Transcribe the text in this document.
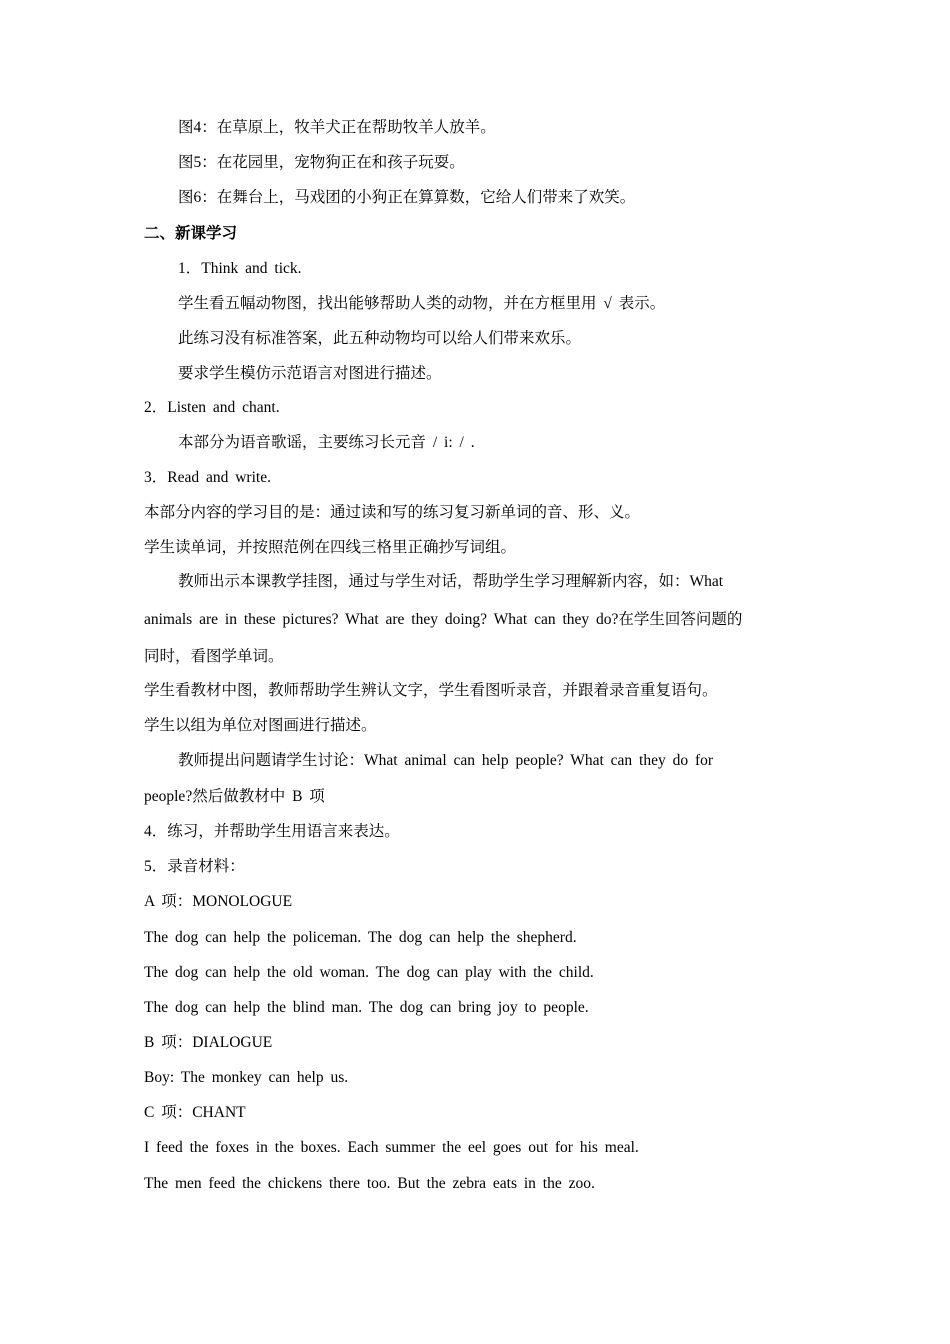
图4：在草原上，牧羊犬正在帮助牧羊人放羊。
图5：在花园里，宠物狗正在和孩子玩耍。
图6：在舞台上，马戏团的小狗正在算算数，它给人们带来了欢笑。
二、新课学习
1．Think and tick.
学生看五幅动物图，找出能够帮助人类的动物，并在方框里用 √ 表示。
此练习没有标准答案，此五种动物均可以给人们带来欢乐。
要求学生模仿示范语言对图进行描述。
2．Listen and chant.
本部分为语音歌谣，主要练习长元音 / i: / .
3．Read and write.
本部分内容的学习目的是：通过读和写的练习复习新单词的音、形、义。
学生读单词，并按照范例在四线三格里正确抄写词组。
教师出示本课教学挂图，通过与学生对话，帮助学生学习理解新内容，如：What
animals are in these pictures? What are they doing? What can they do?在学生回答问题的
同时，看图学单词。
学生看教材中图，教师帮助学生辨认文字，学生看图听录音，并跟着录音重复语句。
学生以组为单位对图画进行描述。
教师提出问题请学生讨论：What animal can help people? What can they do for
people?然后做教材中 B 项
4．练习，并帮助学生用语言来表达。
5．录音材料：
A 项：MONOLOGUE
The dog can help the policeman. The dog can help the shepherd.
The dog can help the old woman. The dog can play with the child.
The dog can help the blind man. The dog can bring joy to people.
B 项：DIALOGUE
Boy: The monkey can help us.
C 项：CHANT
I feed the foxes in the boxes. Each summer the eel goes out for his meal.
The men feed the chickens there too. But the zebra eats in the zoo.
